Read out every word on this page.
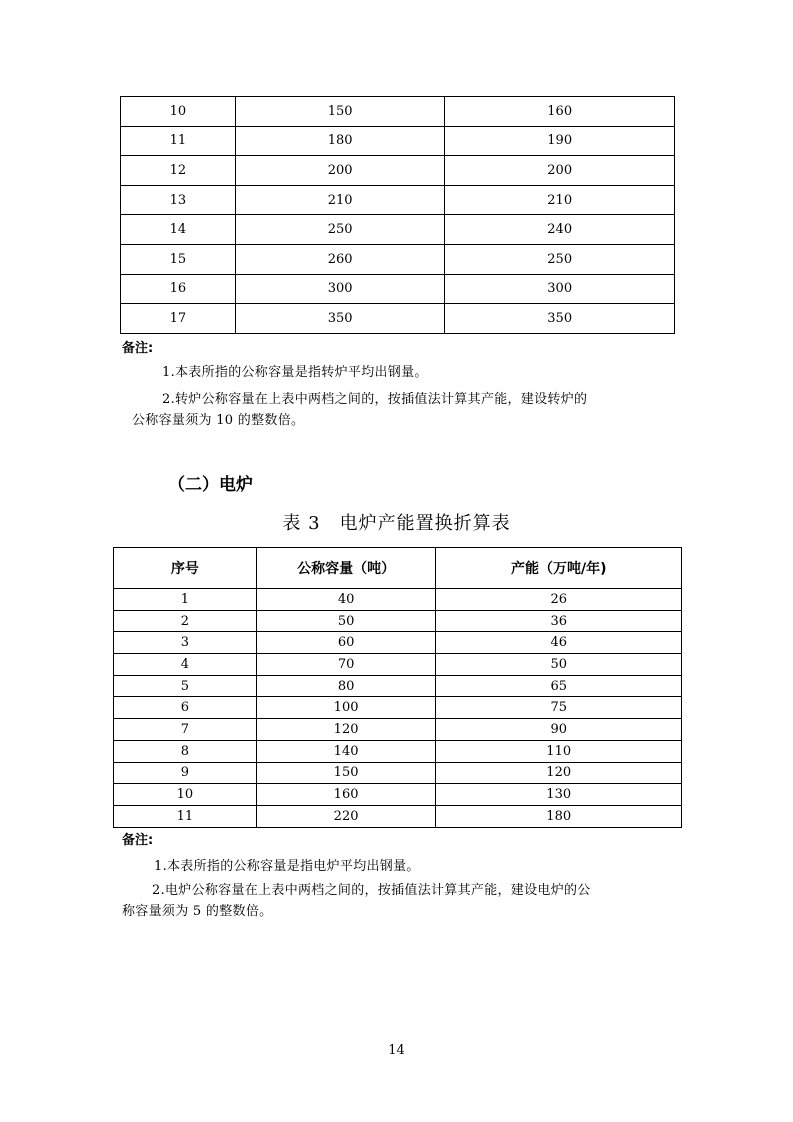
10	150	160
11	180	190
12	200	200
13	210	210
14	250	240
15	260	250
16	300	300
17	350	350
备注:
1.本表所指的公称容量是指转炉平均出钢量。
2.转炉公称容量在上表中两档之间的，按插值法计算其产能，建设转炉的
公称容量须为 10 的整数倍。
（二）电炉
表 3　电炉产能置换折算表
序号	公称容量（吨）	产能（万吨/年)
1	40	26
2	50	36
3	60	46
4	70	50
5	80	65
6	100	75
7	120	90
8	140	110
9	150	120
10	160	130
11	220	180
备注:
1.本表所指的公称容量是指电炉平均出钢量。
2.电炉公称容量在上表中两档之间的，按插值法计算其产能，建设电炉的公
称容量须为 5 的整数倍。
14
